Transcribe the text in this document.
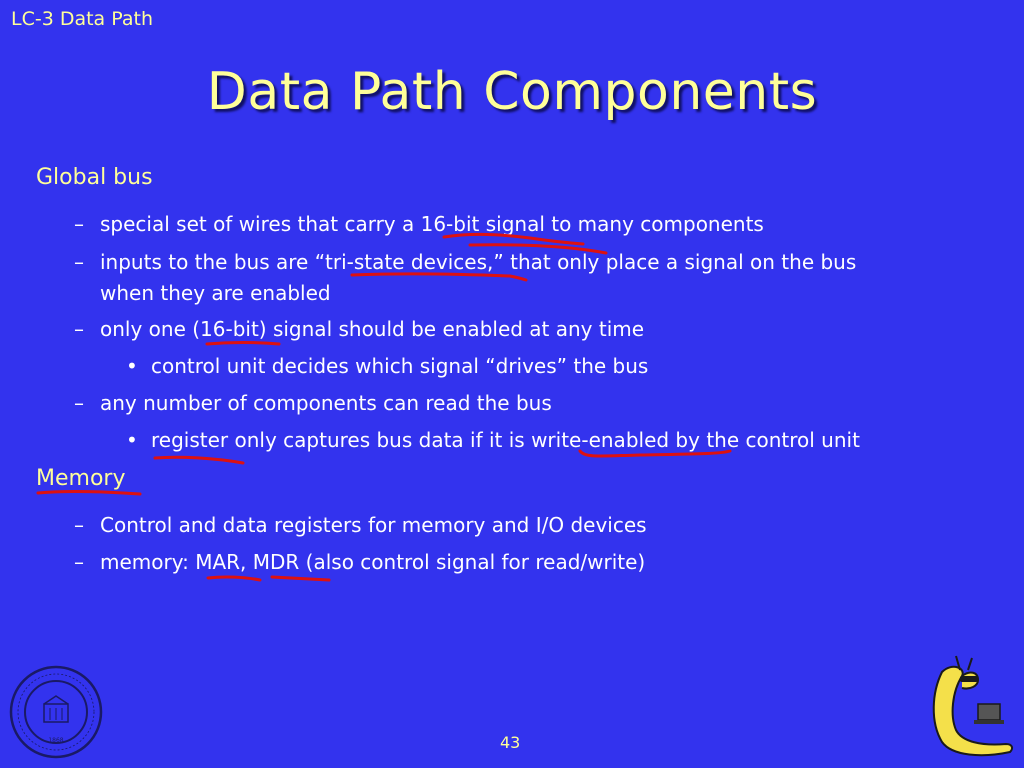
LC-3 Data Path
Data Path Components
Global bus
– special set of wires that carry a 16-bit signal to many components
– inputs to the bus are “tri-state devices,” that only place a signal on the bus
when they are enabled
– only one (16-bit) signal should be enabled at any time
• control unit decides which signal “drives” the bus
– any number of components can read the bus
• register only captures bus data if it is write-enabled by the control unit
Memory
– Control and data registers for memory and I/O devices
– memory: MAR, MDR (also control signal for read/write)
1868	43
